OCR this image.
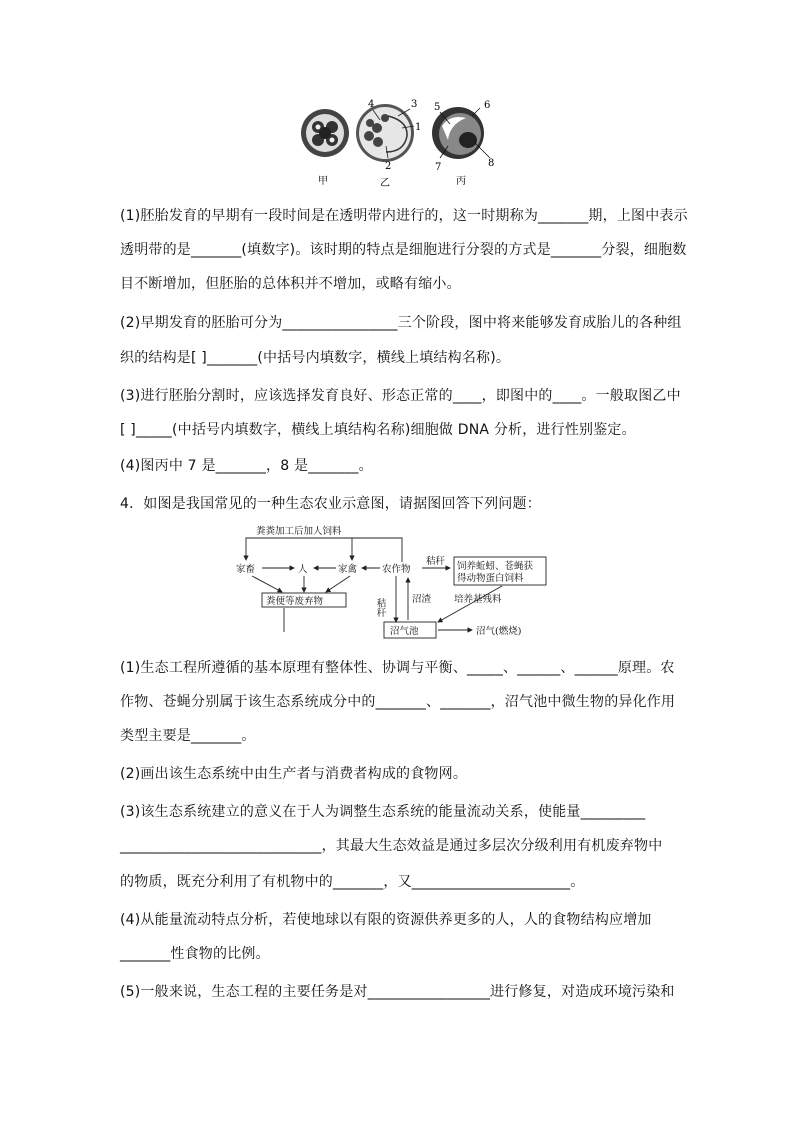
4	3
1
2
5	6
7	8
甲	乙	丙
(1)胚胎发育的早期有一段时间是在透明带内进行的，这一时期称为_______期，上图中表示
透明带的是_______(填数字)。该时期的特点是细胞进行分裂的方式是_______分裂，细胞数
目不断增加，但胚胎的总体积并不增加，或略有缩小。
(2)早期发育的胚胎可分为________________三个阶段，图中将来能够发育成胎儿的各种组
织的结构是[ ]_______(中括号内填数字，横线上填结构名称)。
(3)进行胚胎分割时，应该选择发育良好、形态正常的____，即图中的____。一般取图乙中
[ ]_____(中括号内填数字，横线上填结构名称)细胞做 DNA 分析，进行性别鉴定。
(4)图丙中 7 是_______，8 是_______。
4．如图是我国常见的一种生态农业示意图，请据图回答下列问题：
粪粪加工后加人饲料
家畜	人	家禽	农作物
秸秆 饲养蚯蚓、苍蝇获
得动物蛋白饲料
粪便等废弃物	秸秆	沼渣 培养基残料
沼气池	沼气(燃烧)
(1)生态工程所遵循的基本原理有整体性、协调与平衡、_____、______、______原理。农
作物、苍蝇分别属于该生态系统成分中的_______、_______，沼气池中微生物的异化作用
类型主要是_______。
(2)画出该生态系统中由生产者与消费者构成的食物网。
(3)该生态系统建立的意义在于人为调整生态系统的能量流动关系，使能量_________
____________________________，其最大生态效益是通过多层次分级利用有机废弃物中
的物质，既充分利用了有机物中的_______，又______________________。
(4)从能量流动特点分析，若使地球以有限的资源供养更多的人，人的食物结构应增加
_______性食物的比例。
(5)一般来说，生态工程的主要任务是对_________________进行修复，对造成环境污染和
